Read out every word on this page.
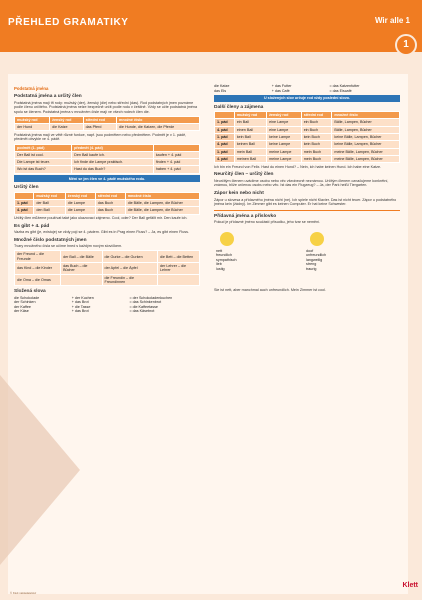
PŘEHLED GRAMATIKY	Wir alle 1
1
Podstatná jména
Podstatná jména a určitý člen
Podstatná jména mají tři rody: mužský (der), ženský (die) nebo střední (das). Rod podstatných jmen poznáme podle členu určitého. Podstatná jména nelze bezpečně určit podle rodu v češtině. Vždy se učte podstatná jména spolu se členem. Podstatná jména v množném čísle mají ve všech rodech člen die.
mužský rod	ženský rod	střední rod	množné číslo
der Hund	die Katze	das Pferd	die Hunde, die Katzen, die Pferde
Podstatná jména mají ve větě různé funkce, např. jsou podmětem nebo předmětem. Podmět je v 1. pádě, předmět obvykle ve 4. pádě.
podmět (1. pád)	předmět (4. pád)	
Der Ball ist cool.	Den Ball kaufe ich.	kaufen + 4. pád
Die Lampe ist teuer.	Ich finde die Lampe praktisch.	finden + 4. pád
Wo ist das Buch?	Hast du das Buch?	haben + 4. pád
Mění se jen člen ve 4. pádě mužského rodu.
Určitý člen
	mužský rod	ženský rod	střední rod	množné číslo
1. pád	der Ball	die Lampe	das Buch	die Bälle, die Lampen, die Bücher
4. pád	den Ball	die Lampe	das Buch	die Bälle, die Lampen, die Bücher
Určitý člen můžeme používat také jako ukazovací zájmeno. Cool, oder? Der Ball gefällt mir. Den kaufe ich.
Es gibt + 4. pád
Vazba es gibt (je, existuje) se vždy pojí se 4. pádem. Gibt es in Prag einen Fluss? – Ja, es gibt einen Fluss.
Množné číslo podstatných jmen
Tvary množného čísla se učíme hned s každým novým slovíčkem.
der Freund – die Freunde	der Ball – die Bälle	die Gurke – die Gurken	die Bett – die Betten
das Kind – die Kinder	das Buch – die Bücher	der Apfel – die Äpfel	der Lehrer – die Lehrer
die Oma – die Omas		die Freundin – die Freundinnen	
Složená slova
die Schokolade	+ der Kuchen	= der Schokoladenkuchen
der Schinken	+ das Brot	= das Schinkenbrot
der Kaffee	+ die Tasse	= die Kaffeetasse
der Käse	+ das Brot	= das Käsebrot
die Katze	+ das Futter	= das Katzenfutter
das Eis	+ das Café	= das Eiscafé
U složených slov určuje rod vždy poslední slovo.
Další členy a zájmena
	mužský rod	ženský rod	střední rod	množné číslo
1. pád	ein Ball	eine Lampe	ein Buch	Bälle, Lampen, Bücher
4. pád	einen Ball	eine Lampe	ein Buch	Bälle, Lampen, Bücher
1. pád	kein Ball	keine Lampe	kein Buch	keine Bälle, Lampen, Bücher
4. pád	keinen Ball	keine Lampe	kein Buch	keine Bälle, Lampen, Bücher
1. pád	mein Ball	meine Lampe	mein Buch	meine Bälle, Lampen, Bücher
4. pád	meinen Ball	meine Lampe	mein Buch	meine Bälle, Lampen, Bücher
Ich bin ein Freund von Felix. Hast du einen Hund? – Nein, ich habe keinen Hund. Ich habe eine Katze.
Neurčitý člen – určitý člen
Neurčitým členem uvádíme osobu nebo věc všeobecně neznámou. Určitým členem označujeme konkrétní, známou, blíže určenou osobu nebo věc. Ist das ein Flugzeug? – Ja, der Park heißt Tiergarten.
Zápor kein nebo nicht
Zápor u slovesa a přídavného jména nicht (ne). Ich spiele nicht Klavier. Das ist nicht teuer. Zápor u podstatného jména kein (žádný). Im Zimmer gibt es keinen Computer. Er hat keine Schwester.
Přídavná jména a příslovko
Pokud je přídavné jméno součástí přísudku, jeho tvar se nemění.
nett
freundlich
sympathisch
lieb
lustig
doof
unfreundlich
langweilig
streng
traurig
Sie ist nett, aber manchmal auch unfreundlich. Mein Zimmer ist cool.
Klett
© Klett nakladatelství
